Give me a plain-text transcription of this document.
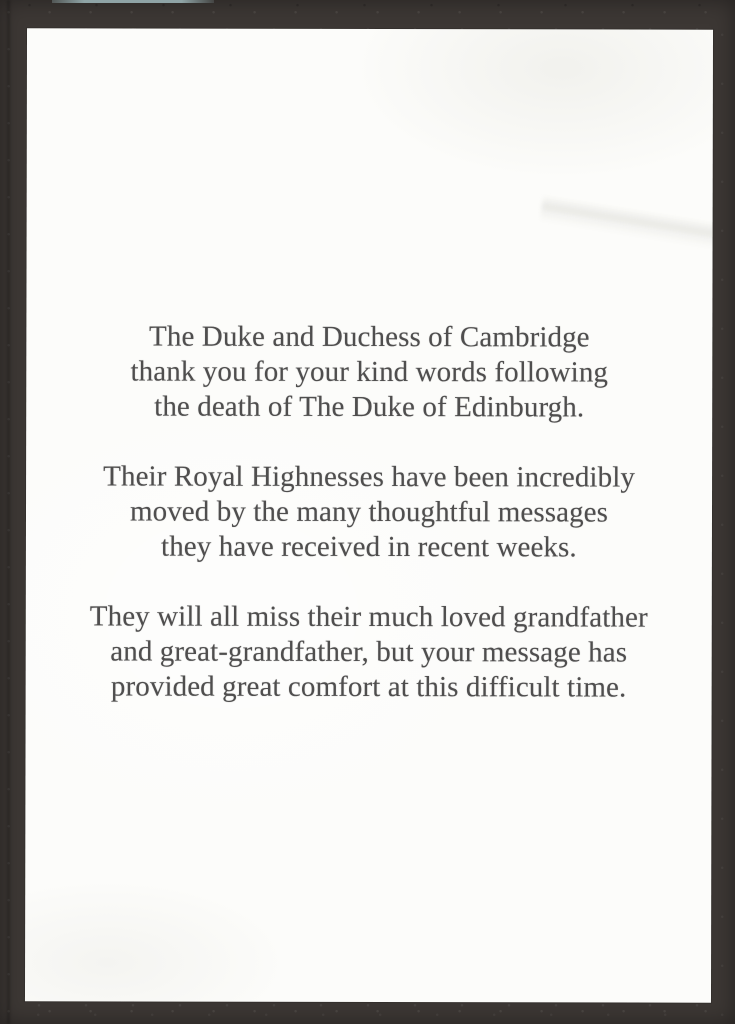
The Duke and Duchess of Cambridge
thank you for your kind words following
the death of The Duke of Edinburgh.

Their Royal Highnesses have been incredibly
moved by the many thoughtful messages
they have received in recent weeks.

They will all miss their much loved grandfather
and great-grandfather, but your message has
provided great comfort at this difficult time.
